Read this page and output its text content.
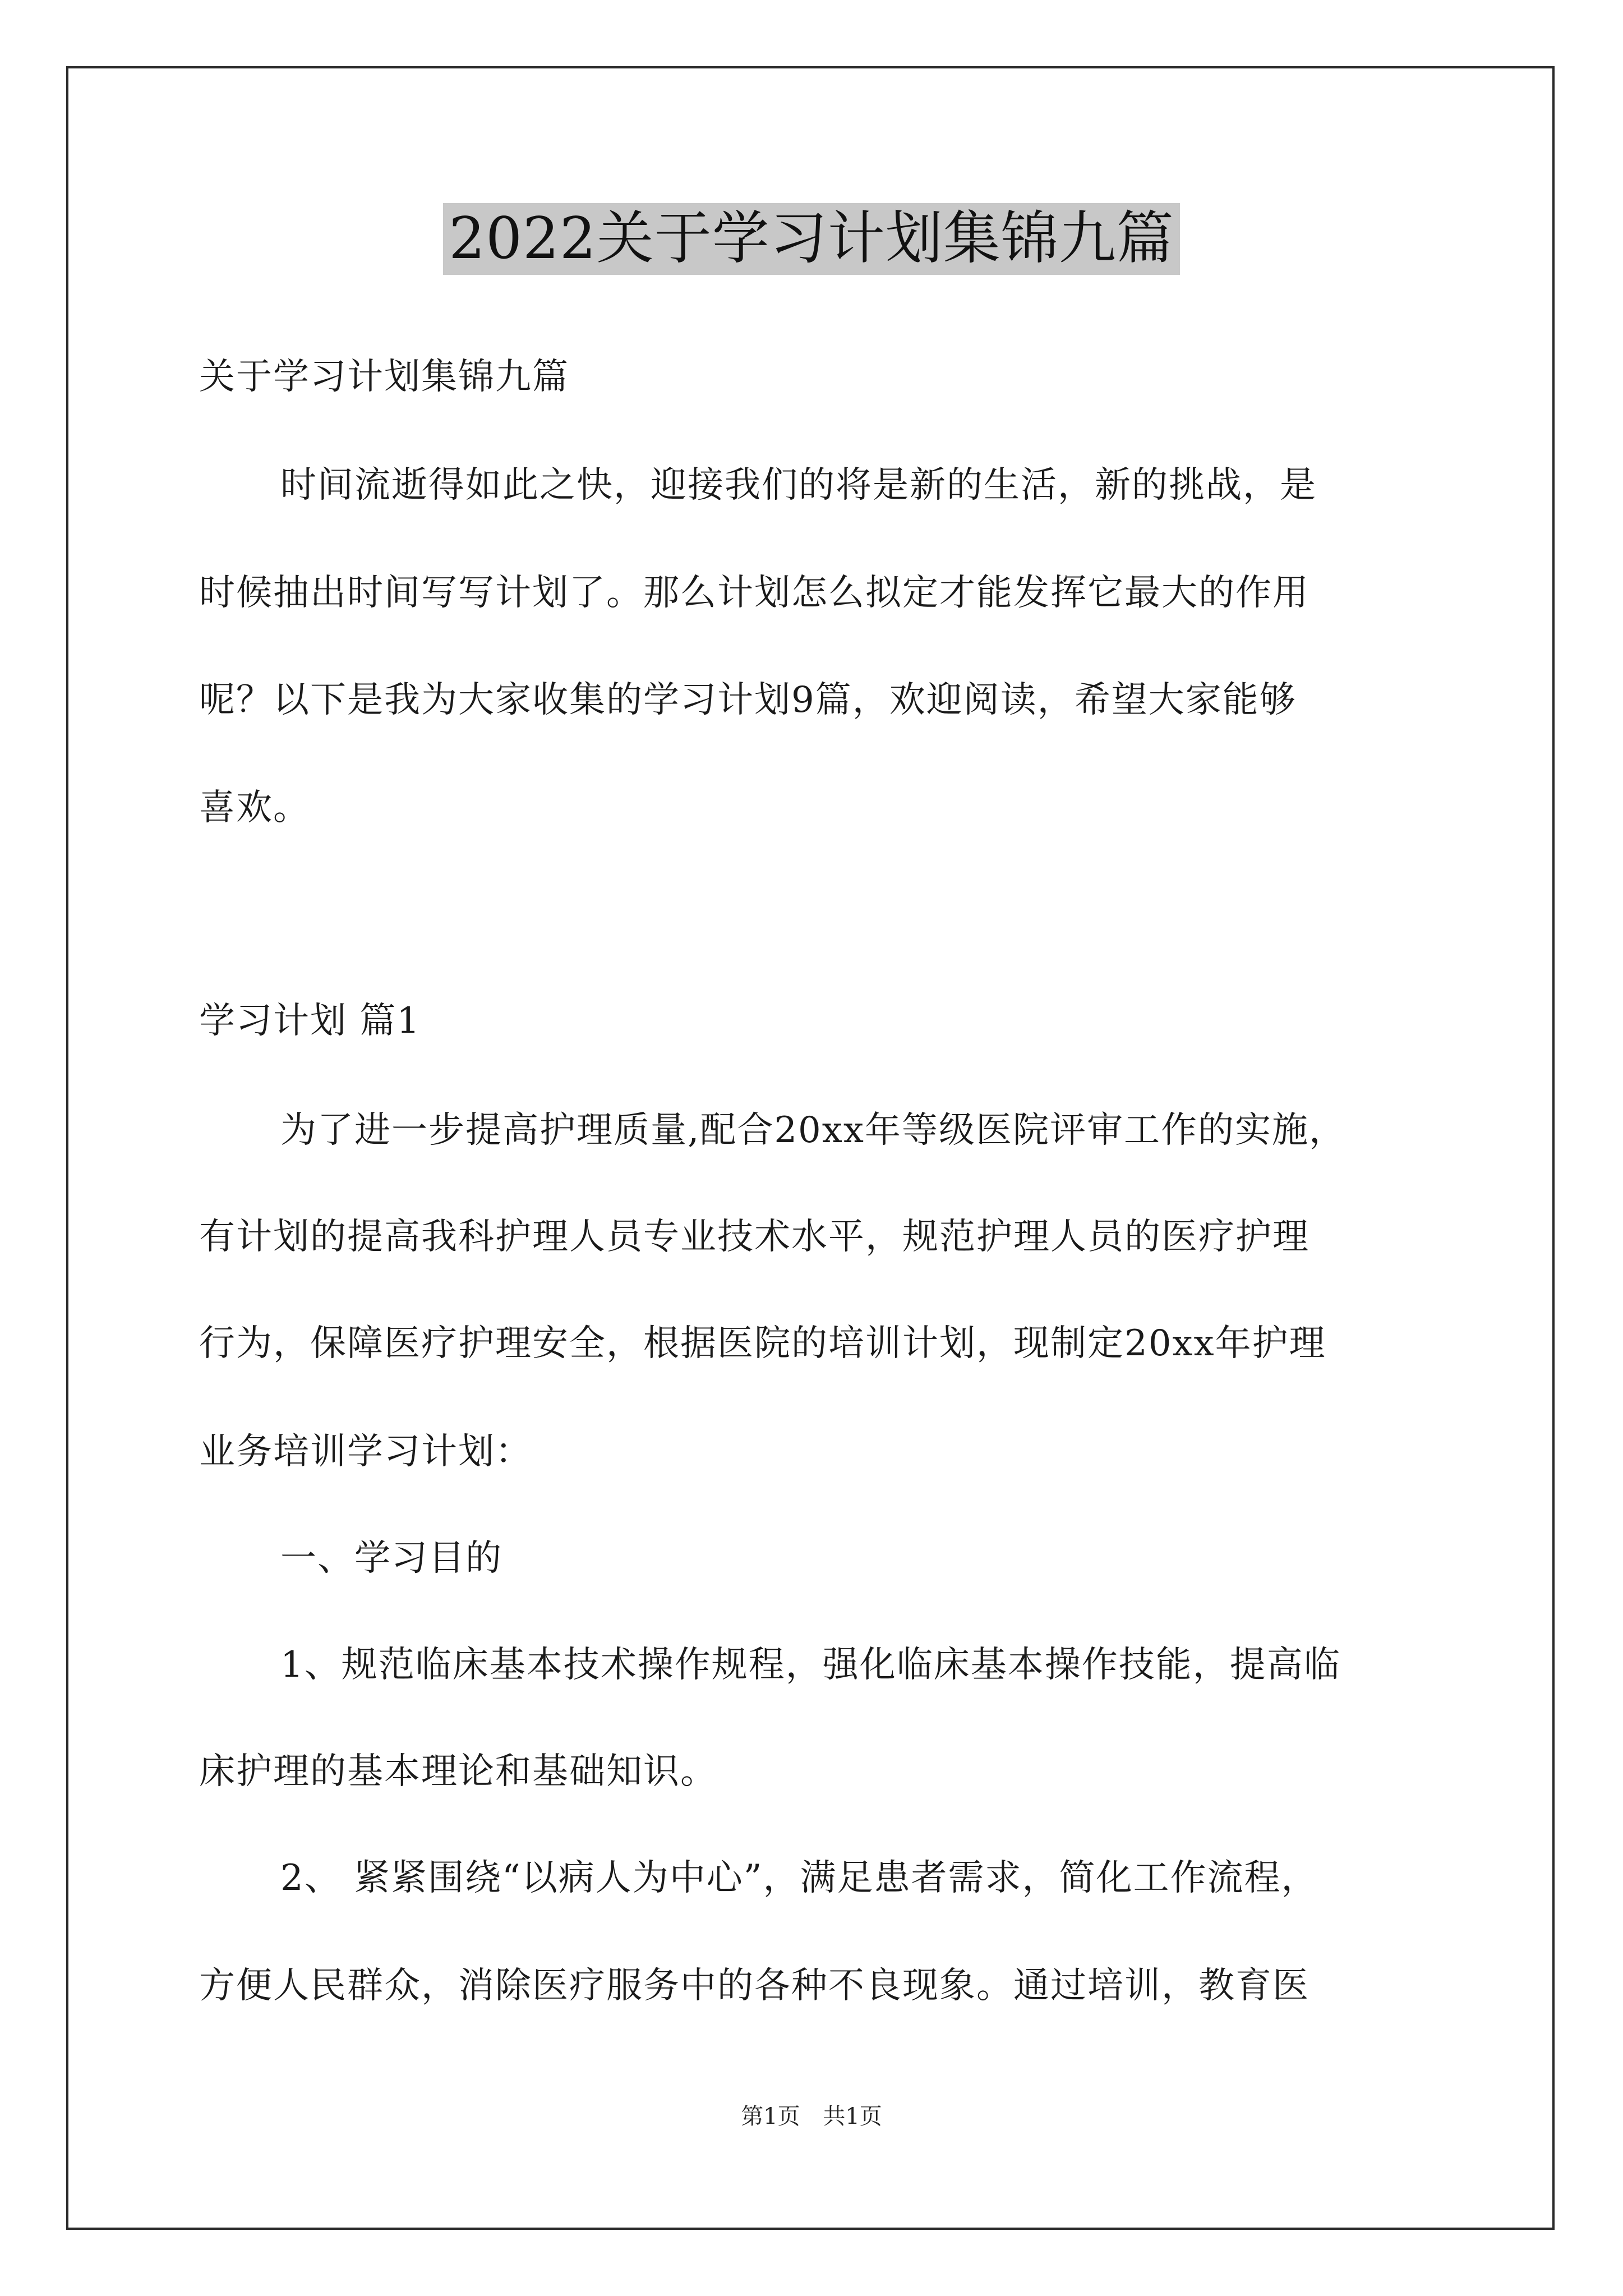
2022关于学习计划集锦九篇

关于学习计划集锦九篇

时间流逝得如此之快，迎接我们的将是新的生活，新的挑战，是

时候抽出时间写写计划了。那么计划怎么拟定才能发挥它最大的作用

呢？以下是我为大家收集的学习计划9篇，欢迎阅读，希望大家能够

喜欢。

学习计划 篇1

为了进一步提高护理质量,配合20xx年等级医院评审工作的实施，

有计划的提高我科护理人员专业技术水平，规范护理人员的医疗护理

行为，保障医疗护理安全，根据医院的培训计划，现制定20xx年护理

业务培训学习计划：

一、学习目的

1、规范临床基本技术操作规程，强化临床基本操作技能，提高临

床护理的基本理论和基础知识。

2、 紧紧围绕“以病人为中心”，满足患者需求，简化工作流程，

方便人民群众，消除医疗服务中的各种不良现象。通过培训，教育医

第1页 共1页
